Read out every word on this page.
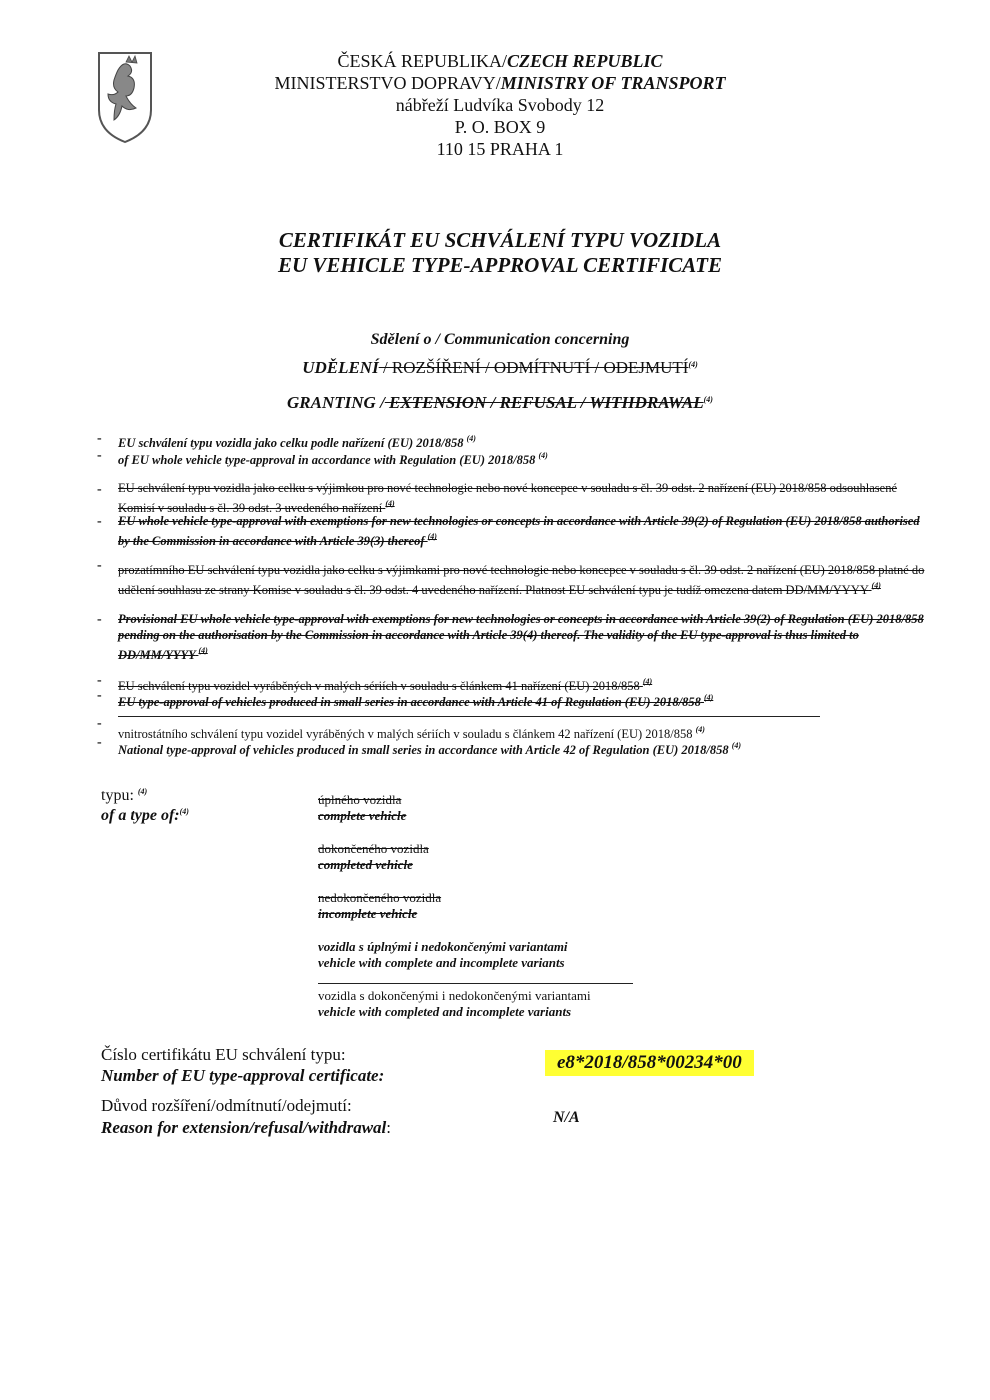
ČESKÁ REPUBLIKA/CZECH REPUBLIC
MINISTERSTVO DOPRAVY/MINISTRY OF TRANSPORT
nábřeží Ludvíka Svobody 12
P. O. BOX 9
110 15 PRAHA 1
CERTIFIKÁT EU SCHVÁLENÍ TYPU VOZIDLA
EU VEHICLE TYPE-APPROVAL CERTIFICATE
Sdělení o / Communication concerning
UDĚLENÍ / ROZŠÍŘENÍ / ODMÍTNUTÍ / ODEJMUTÍ$^{(4)}$
GRANTING / EXTENSION / REFUSAL / WITHDRAWAL$^{(4)}$
-	EU schválení typu vozidla jako celku podle nařízení (EU) 2018/858 $^{(4)}$
-	of EU whole vehicle type-approval in accordance with Regulation (EU) 2018/858 $^{(4)}$
-	EU schválení typu vozidla jako celku s výjimkou pro nové technologie nebo nové koncepce v souladu s čl. 39 odst. 2 nařízení (EU) 2018/858 odsouhlasené Komisí v souladu s čl. 39 odst. 3 uvedeného nařízení $^{(4)}$
-	EU whole vehicle type-approval with exemptions for new technologies or concepts in accordance with Article 39(2) of Regulation (EU) 2018/858 authorised by the Commission in accordance with Article 39(3) thereof $^{(4)}$
-	prozatímního EU schválení typu vozidla jako celku s výjimkami pro nové technologie nebo koncepce v souladu s čl. 39 odst. 2 nařízení (EU) 2018/858 platné do udělení souhlasu ze strany Komise v souladu s čl. 39 odst. 4 uvedeného nařízení. Platnost EU schválení typu je tudíž omezena datem DD/MM/YYYY $^{(4)}$
-	Provisional EU whole vehicle type-approval with exemptions for new technologies or concepts in accordance with Article 39(2) of Regulation (EU) 2018/858 pending on the authorisation by the Commission in accordance with Article 39(4) thereof. The validity of the EU type-approval is thus limited to DD/MM/YYYY $^{(4)}$
-	EU schválení typu vozidel vyráběných v malých sériích v souladu s článkem 41 nařízení (EU) 2018/858 $^{(4)}$
-	EU type-approval of vehicles produced in small series in accordance with Article 41 of Regulation (EU) 2018/858 $^{(4)}$
-
vnitrostátního schválení typu vozidel vyráběných v malých sériích v souladu s článkem 42 nařízení (EU) 2018/858 $^{(4)}$
-	National type-approval of vehicles produced in small series in accordance with Article 42 of Regulation (EU) 2018/858 $^{(4)}$
typu: $^{(4)}$
of a type of:$^{(4)}$
úplného vozidla
complete vehicle
dokončeného vozidla
completed vehicle
nedokončeného vozidla
incomplete vehicle
vozidla s úplnými i nedokončenými variantami
vehicle with complete and incomplete variants
vozidla s dokončenými i nedokončenými variantami
vehicle with completed and incomplete variants
Číslo certifikátu EU schválení typu:
Number of EU type-approval certificate:
e8*2018/858*00234*00
Důvod rozšíření/odmítnutí/odejmutí:
Reason for extension/refusal/withdrawal:
N/A
